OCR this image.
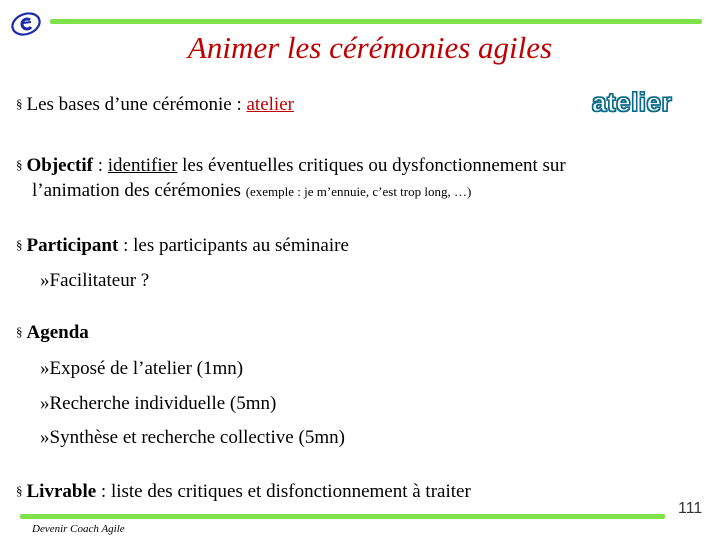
Animer les cérémonies agiles
§ Les bases d’une cérémonie : atelier	atelier
§ Objectif : identifier les éventuelles critiques ou dysfonctionnement sur
l’animation des cérémonies (exemple : je m’ennuie, c’est trop long, …)
§ Participant : les participants au séminaire
»Facilitateur ?
§ Agenda
»Exposé de l’atelier (1mn)
»Recherche individuelle (5mn)
»Synthèse et recherche collective (5mn)
§ Livrable : liste des critiques et disfonctionnement à traiter
111
Devenir Coach Agile
